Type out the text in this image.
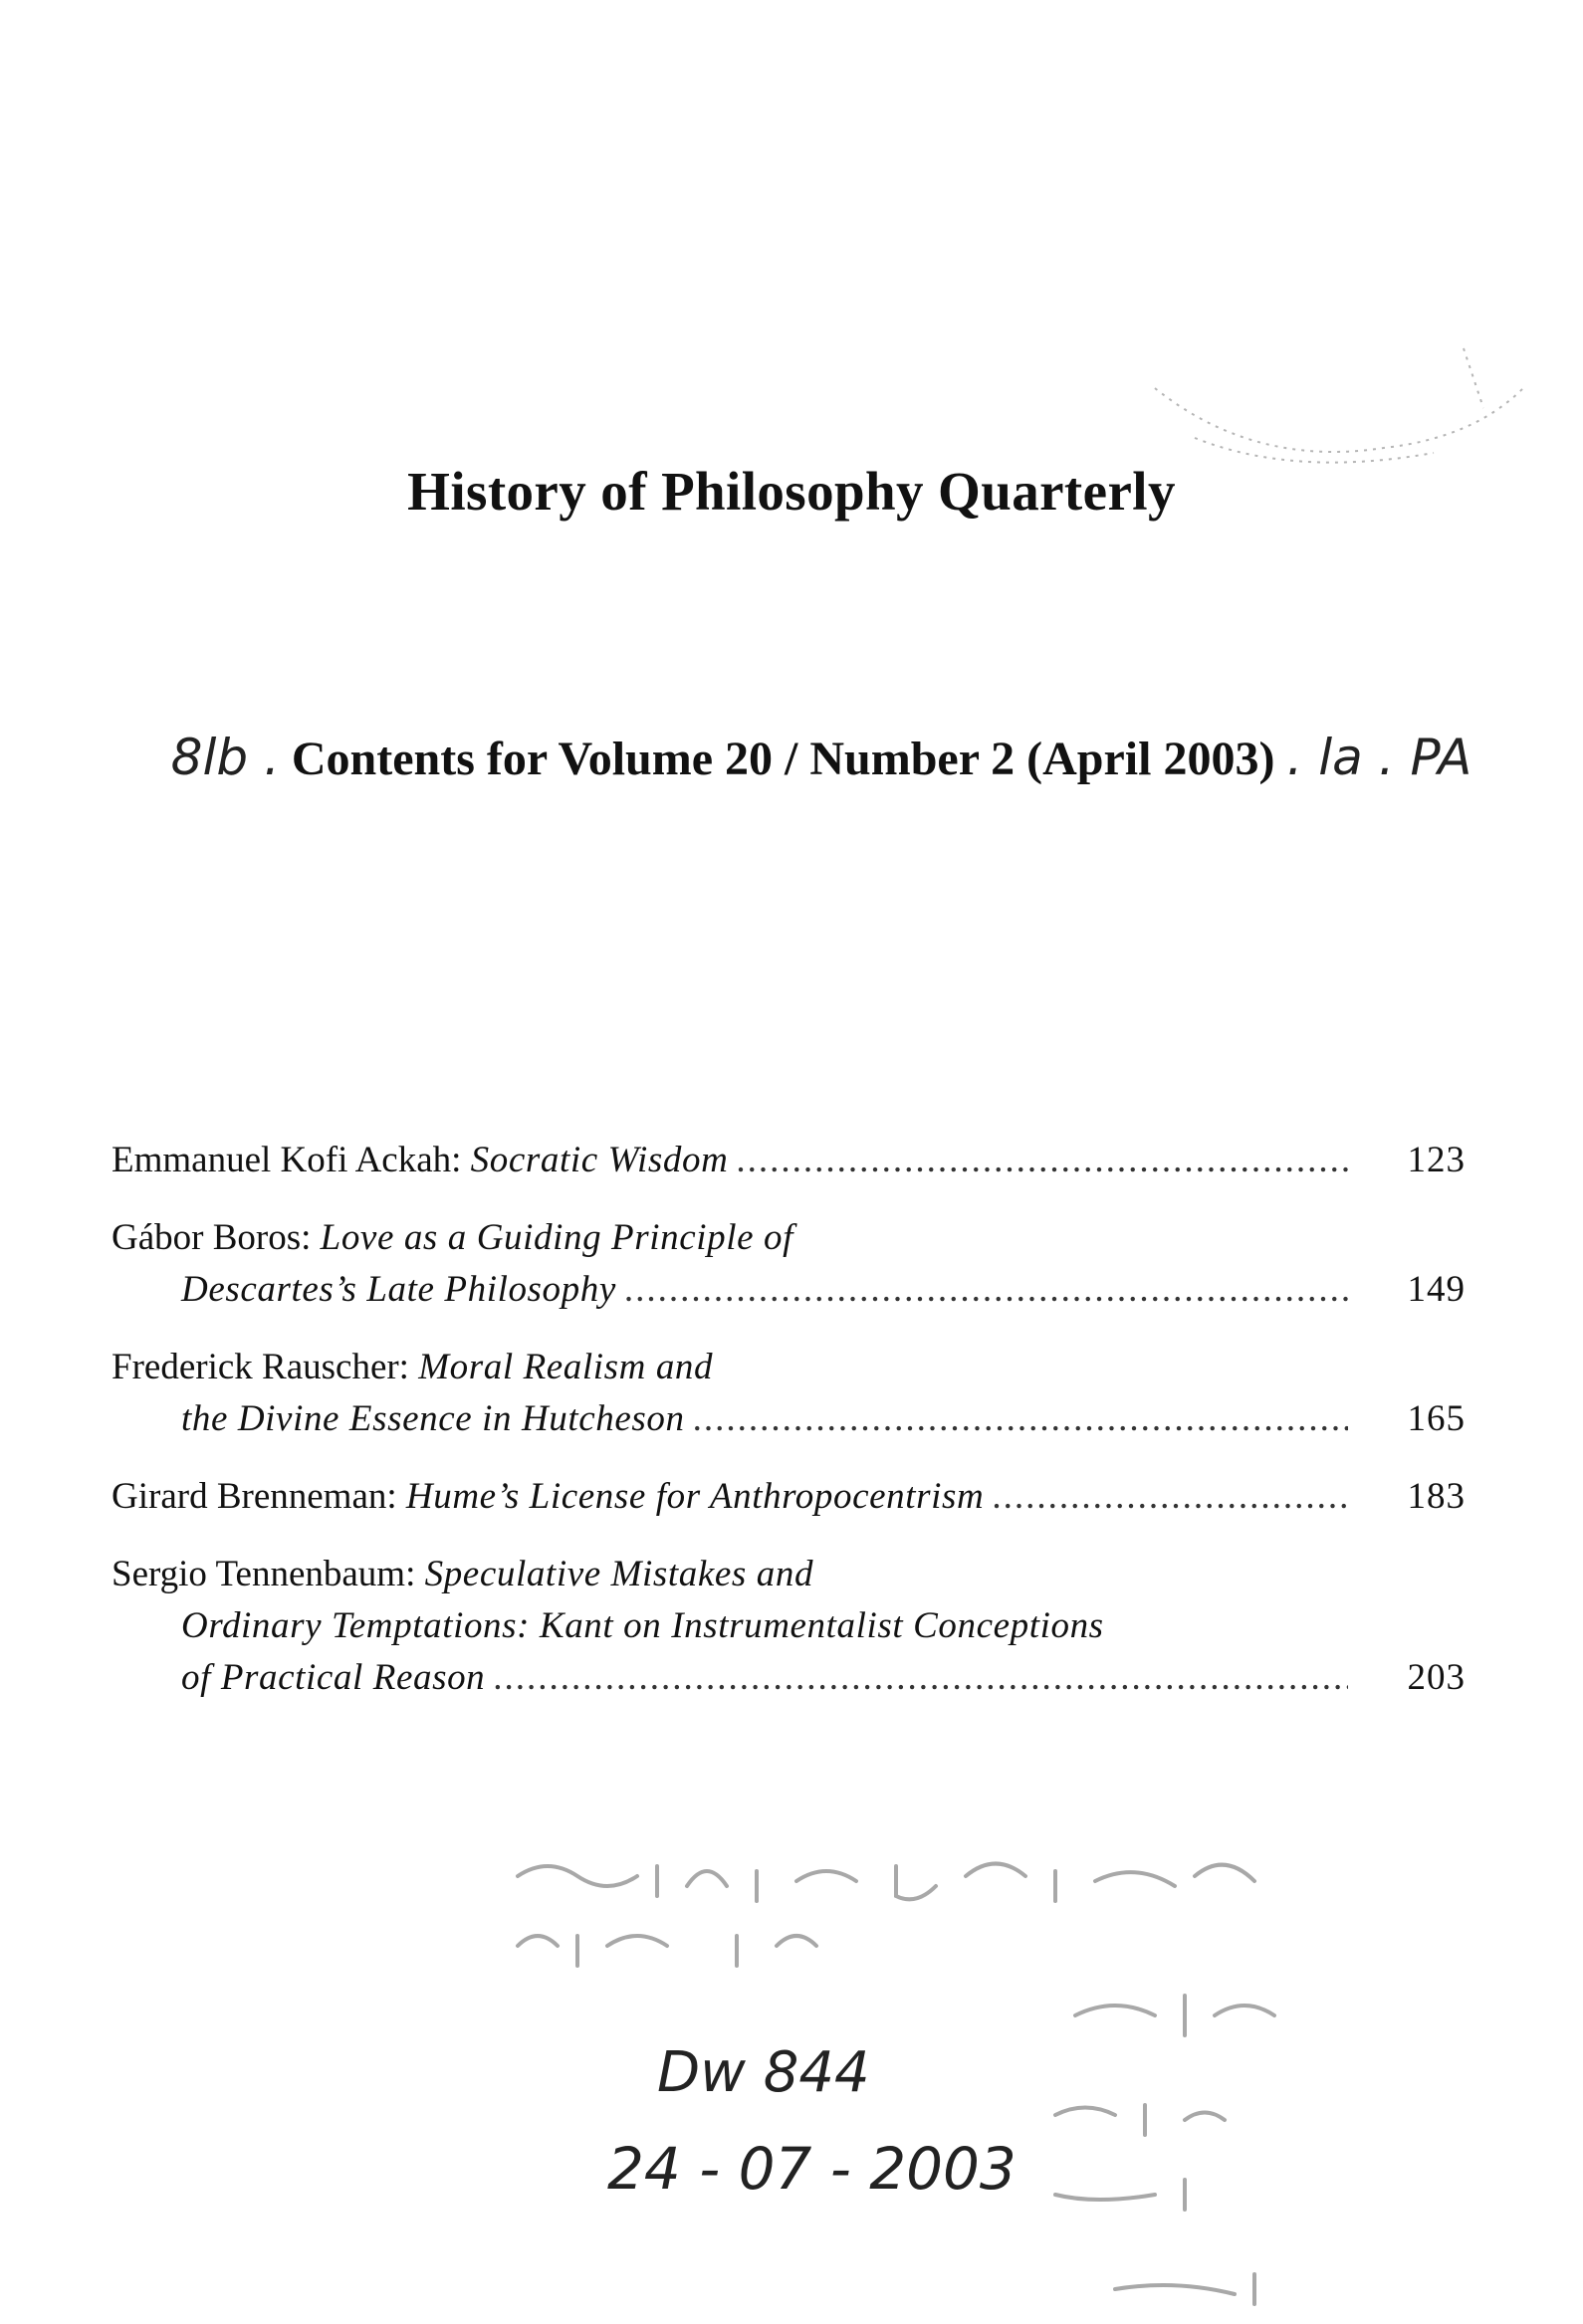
History of Philosophy Quarterly
8lb . Contents for Volume 20 / Number 2 (April 2003) . la . PA
Emmanuel Kofi Ackah: Socratic Wisdom .....	123
Gábor Boros: Love as a Guiding Principle of
Descartes’s Late Philosophy .....	149
Frederick Rauscher: Moral Realism and
the Divine Essence in Hutcheson .....	165
Girard Brenneman: Hume’s License for Anthropocentrism .....	183
Sergio Tennenbaum: Speculative Mistakes and
Ordinary Temptations: Kant on Instrumentalist Conceptions
of Practical Reason .....	203
Dw 844
24 - 07 - 2003
